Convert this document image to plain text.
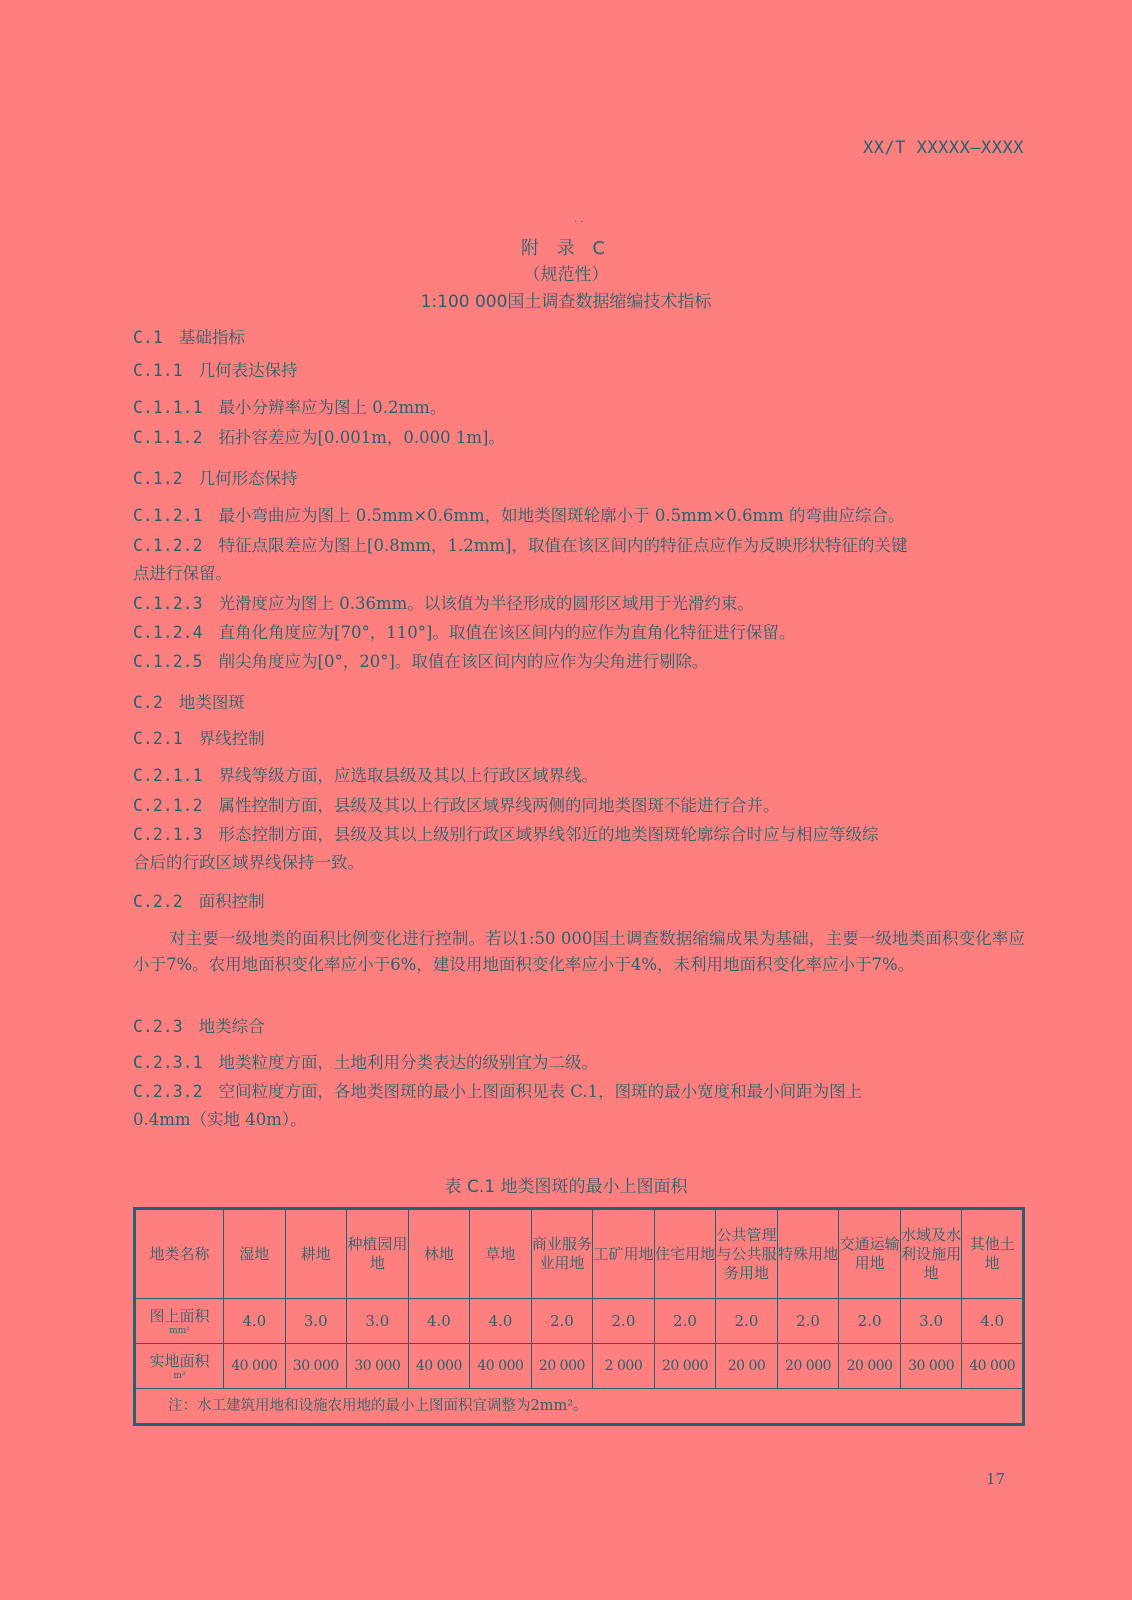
XX/T XXXXX—XXXX
. .
附 录 C
（规范性）
1:100 000国土调查数据缩编技术指标
C.1 基础指标
C.1.1 几何表达保持
C.1.1.1 最小分辨率应为图上 0.2mm。
C.1.1.2 拓扑容差应为[0.001m，0.000 1m]。
C.1.2 几何形态保持
C.1.2.1 最小弯曲应为图上 0.5mm×0.6mm，如地类图斑轮廓小于 0.5mm×0.6mm 的弯曲应综合。
C.1.2.2 特征点限差应为图上[0.8mm，1.2mm]，取值在该区间内的特征点应作为反映形状特征的关键
点进行保留。
C.1.2.3 光滑度应为图上 0.36mm。以该值为半径形成的圆形区域用于光滑约束。
C.1.2.4 直角化角度应为[70°，110°]。取值在该区间内的应作为直角化特征进行保留。
C.1.2.5 削尖角度应为[0°，20°]。取值在该区间内的应作为尖角进行剔除。
C.2 地类图斑
C.2.1 界线控制
C.2.1.1 界线等级方面，应选取县级及其以上行政区域界线。
C.2.1.2 属性控制方面，县级及其以上行政区域界线两侧的同地类图斑不能进行合并。
C.2.1.3 形态控制方面，县级及其以上级别行政区域界线邻近的地类图斑轮廓综合时应与相应等级综
合后的行政区域界线保持一致。
C.2.2 面积控制
对主要一级地类的面积比例变化进行控制。若以1:50 000国土调查数据缩编成果为基础，主要一级地类面积变化率应小于7%。农用地面积变化率应小于6%，建设用地面积变化率应小于4%，未利用地面积变化率应小于7%。
C.2.3 地类综合
C.2.3.1 地类粒度方面，土地利用分类表达的级别宜为二级。
C.2.3.2 空间粒度方面，各地类图斑的最小上图面积见表 C.1，图斑的最小宽度和最小间距为图上
0.4mm（实地 40m）。
表 C.1 地类图斑的最小上图面积
地类名称	湿地	耕地	种植园用地	林地	草地	商业服务业用地	工矿用地	住宅用地	公共管理与公共服务用地	特殊用地	交通运输用地	水域及水利设施用地	其他土地
图上面积
mm²	4.0	3.0	3.0	4.0	4.0	2.0	2.0	2.0	2.0	2.0	2.0	3.0	4.0
实地面积
m²	40 000	30 000	30 000	40 000	40 000	20 000	2 000	20 000	20 00	20 000	20 000	30 000	40 000
注：水工建筑用地和设施农用地的最小上图面积宜调整为2mm²。													
17
